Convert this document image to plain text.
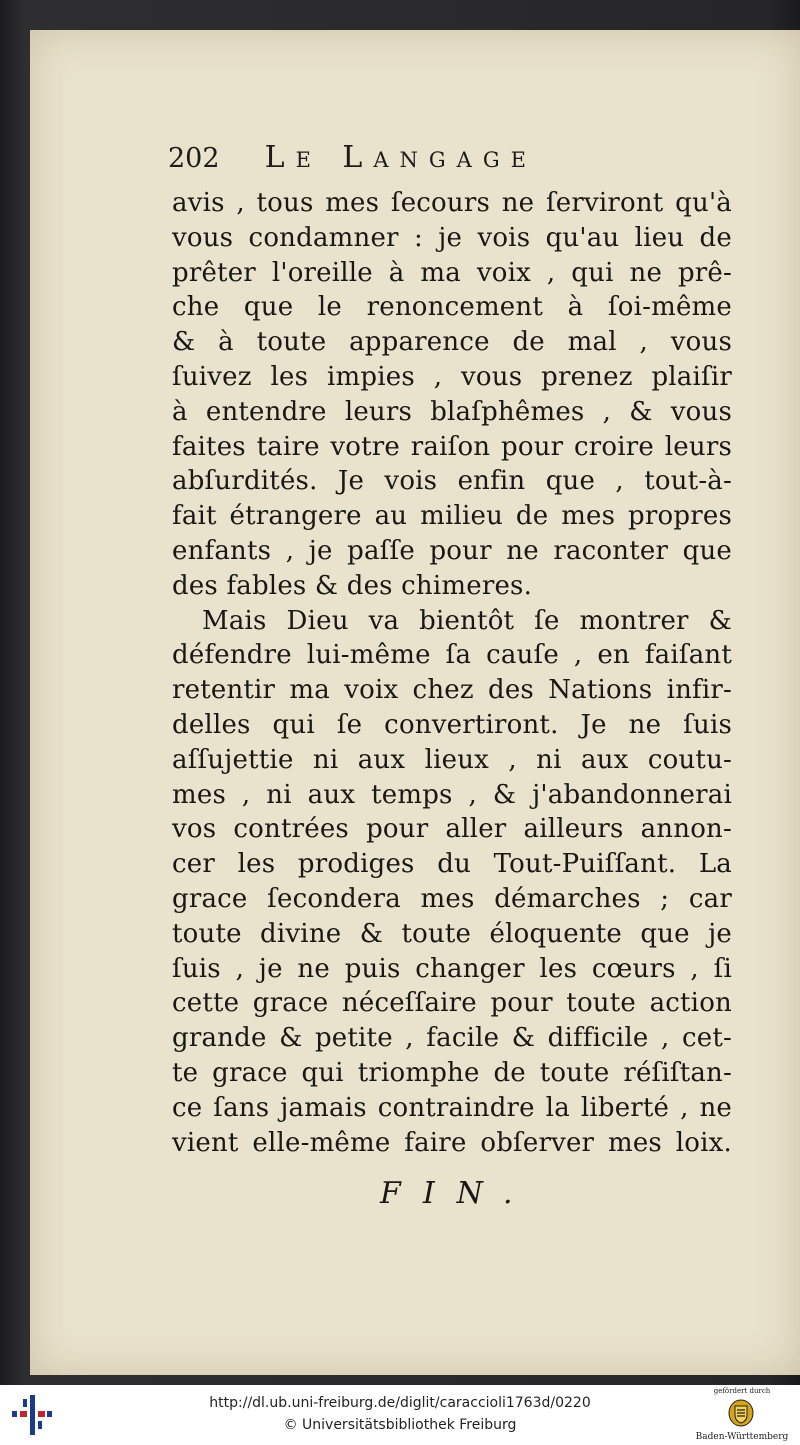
202 Le Langage
avis , tous mes ſecours ne ſerviront qu'à
vous condamner : je vois qu'au lieu de
prêter l'oreille à ma voix , qui ne prê-
che que le renoncement à ſoi-même
& à toute apparence de mal , vous
ſuivez les impies , vous prenez plaiſir
à entendre leurs blaſphêmes , & vous
faites taire votre raiſon pour croire leurs
abſurdités. Je vois enfin que , tout-à-
fait étrangere au milieu de mes propres
enfants , je paſſe pour ne raconter que
des fables & des chimeres.
Mais Dieu va bientôt ſe montrer &
défendre lui-même ſa cauſe , en faiſant
retentir ma voix chez des Nations infir-
delles qui ſe convertiront. Je ne ſuis
aſſujettie ni aux lieux , ni aux coutu-
mes , ni aux temps , & j'abandonnerai
vos contrées pour aller ailleurs annon-
cer les prodiges du Tout-Puiſſant. La
grace ſecondera mes démarches ; car
toute divine & toute éloquente que je
ſuis , je ne puis changer les cœurs , ſi
cette grace néceſſaire pour toute action
grande & petite , facile & difficile , cet-
te grace qui triomphe de toute réſiſtan-
ce ſans jamais contraindre la liberté , ne
vient elle-même faire obſerver mes loix.
FIN.
http://dl.ub.uni-freiburg.de/diglit/caraccioli1763d/0220
© Universitätsbibliothek Freiburg
gefördert durch
Baden-Württemberg
